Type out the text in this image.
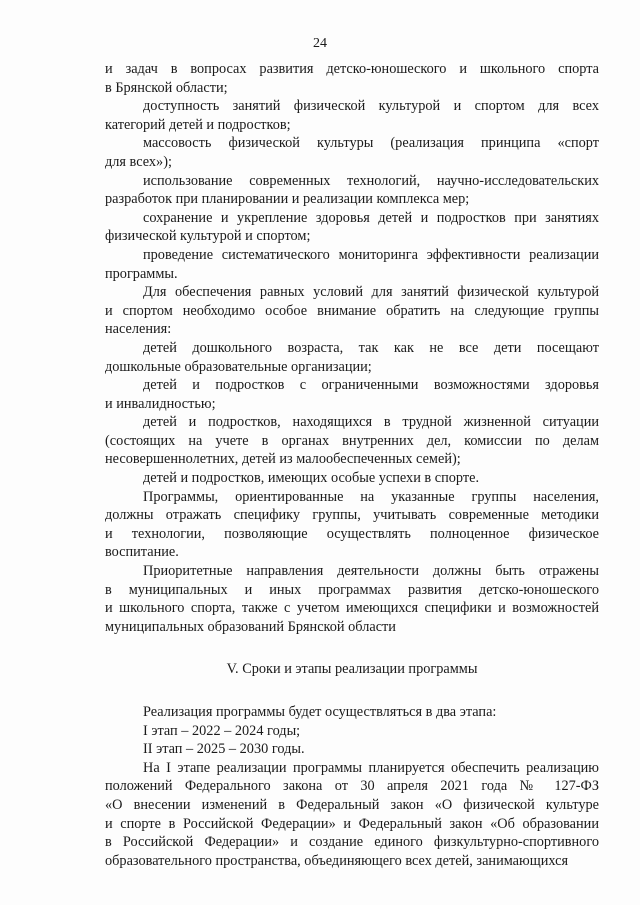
24

и задач в вопросах развития детско-юношеского и школьного спорта
в Брянской области;

доступность занятий физической культурой и спортом для всех
категорий детей и подростков;

массовость физической культуры (реализация принципа «спорт
для всех»);

использование современных технологий, научно-исследовательских
разработок при планировании и реализации комплекса мер;

сохранение и укрепление здоровья детей и подростков при занятиях
физической культурой и спортом;

проведение систематического мониторинга эффективности реализации
программы.

Для обеспечения равных условий для занятий физической культурой
и спортом необходимо особое внимание обратить на следующие группы
населения:

детей дошкольного возраста, так как не все дети посещают
дошкольные образовательные организации;

детей и подростков с ограниченными возможностями здоровья
и инвалидностью;

детей и подростков, находящихся в трудной жизненной ситуации
(состоящих на учете в органах внутренних дел, комиссии по делам
несовершеннолетних, детей из малообеспеченных семей);

детей и подростков, имеющих особые успехи в спорте.

Программы, ориентированные на указанные группы населения,
должны отражать специфику группы, учитывать современные методики
и технологии, позволяющие осуществлять полноценное физическое
воспитание.

Приоритетные направления деятельности должны быть отражены
в муниципальных и иных программах развития детско-юношеского
и школьного спорта, также с учетом имеющихся специфики и возможностей
муниципальных образований Брянской области

V. Сроки и этапы реализации программы

Реализация программы будет осуществляться в два этапа:

I этап – 2022 – 2024 годы;

II этап – 2025 – 2030 годы.

На I этапе реализации программы планируется обеспечить реализацию
положений Федерального закона от 30 апреля 2021 года № 127-ФЗ
«О внесении изменений в Федеральный закон «О физической культуре
и спорте в Российской Федерации» и Федеральный закон «Об образовании
в Российской Федерации» и создание единого физкультурно-спортивного
образовательного пространства, объединяющего всех детей, занимающихся
